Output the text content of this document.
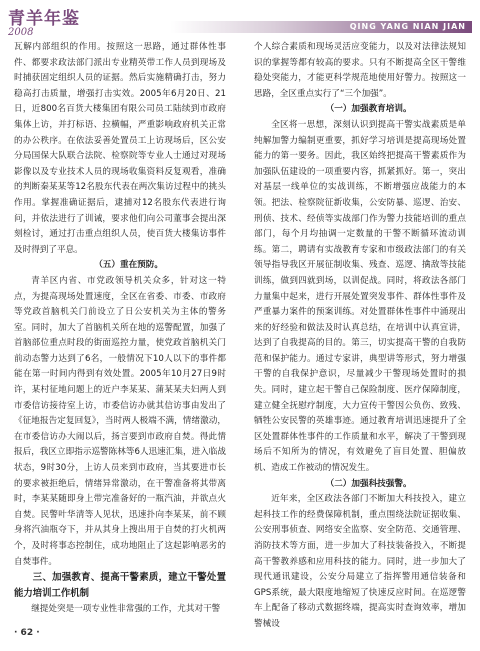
青羊年鉴
2008
QING YANG NIAN JIAN

瓦解内部组织的作用。按照这一思路，通过群体性事件、都要求政法部门派出专业精英带工作人员到现场及时捕获固定组织人员的证据。然后实施精确打击，努力稳高打击质量，增强打击实效。2005年6月20日、21日，近800名百货大楼集团有限公司员工陆续到市政府集体上访，并打标语、拉横幅，严重影响政府机关正常的办公秩序。在依法妥善处置员工上访现场后，区公安分局国保大队联合法院、检察院等专业人士通过对现场影像以及专业技术人员的现场收集资料反复观看，准确的判断秦某某等12名股东代表在两次集访过程中的挑头作用。掌握准确证据后，逮捕对12名股东代表进行询问，并依法进行了训诫，要求他们向公司董事会提出深刻检讨，通过打击重点组织人员，使百货大楼集访事件及时得到了平息。

（五）重在预防。

青羊区内省、市党政领导机关众多，针对这一特点，为提高现场处置速度，全区在省委、市委、市政府等党政首脑机关门前设立了日公安机关为主体的警务室。同时，加大了首脑机关所在地的巡警配置，加强了首脑部位重点时段的街面巡控力量，使党政首脑机关门前动态警力达到了6名，一般情况下10人以下的事件都能在第一时间内得到有效处置。2005年10月27日9时许，某村征地问题上的近户李某某、蒲某某夫妇两人到市委信访接待室上访，市委信访办就其信访事由发出了《征地报告定复回复》，当时两人极端不满，情绪激动，在市委信访办大闹以后，扬言要到市政府自焚。得此情报后，我区立即指示巡警陈林等6人迅速汇集，进入临战状态，9时30分，上访人员来到市政府，当其要进市长的要求被拒绝后，情绪异常激动，在干警准备将其带离时，李某某随即身上带完准备好的一瓶汽油，并欲点火自焚。民警叶华清等人见状，迅速扑向李某某，前不顾身将汽油瓶夺下，并从其身上搜出用于自焚的打火机两个，及时将事态控制住，成功地阻止了这起影响恶劣的自焚事件。

三、加强教育、提高干警素质，建立干警处置能力培训工作机制

继提处突是一项专业性非常强的工作，尤其对干警

个人综合素质和现场灵活应变能力，以及对法律法规知识的掌握等都有较高的要求。只有不断提高全区干警维稳处突能力，才能更科学规范地使用好警力。按照这一思路，全区重点实行了“三个加强”。

（一）加强教育培训。

全区将一思想，深刻认识到提高干警实战素质是单纯解加警力编制更重要，抓好学习培训是提高现场处置能力的第一要务。因此，我区始终把提高干警素质作为加强队伍建设的一项重要内容，抓紧抓好。第一，突出对基层一线单位的实战训练，不断增强应战能力的本领。把法、检察院征新收集，公安防暴、巡逻、治安、刑侦、技术、经侦等实战部门作为警力技能培训的重点部门，每个月均抽调一定数量的干警不断循环流动训练。第二，聘请有实战教育专家和市级政法部门的有关领导指导我区开展征制收集、残查、巡逻、擒敌等技能训练，做到四就到场，以训促战。同时，将政法各部门力量集中起来，进行开展处置突发事件、群体性事件及严重暴力案件的预案训练。对处置群体性事件中涌现出来的好经验和做法及时认真总结，在培训中认真宣讲，达到了自我提高的目的。第三，切实提高干警的自我防范和保护能力。通过专家讲，典型讲等形式，努力增强干警的自我保护意识，尽量减少干警现场处置时的损失。同时，建立起干警自己保险制度、医疗保障制度，建立健全抚慰疗制度，大力宣传干警因公负伤、致残、牺牲公安民警的英雄事迹。通过教育培训迅速提升了全区处置群体性事件的工作质量和水平，解决了干警到现场后不知所为的情况，有效避免了盲目处置、胆偏放机、造成工作被动的情况发生。

（二）加强科技强警。

近年来，全区政法各部门不断加大科技投入，建立起科技工作的经费保障机制，重点围绕法院证据收集、公安刑事侦查、网络安全监察、安全防范、交通管理、消防技术等方面，进一步加大了科技装备投入，不断提高干警教养感和应用科技的能力。同时，进一步加大了现代通讯建设，公安分局建立了指挥警用通信装备和GPS系统，最大限度地缩短了快速反应时间。在巡逻警车上配备了移动式数据终端，提高实时查询效率，增加警械设

· 62 ·
